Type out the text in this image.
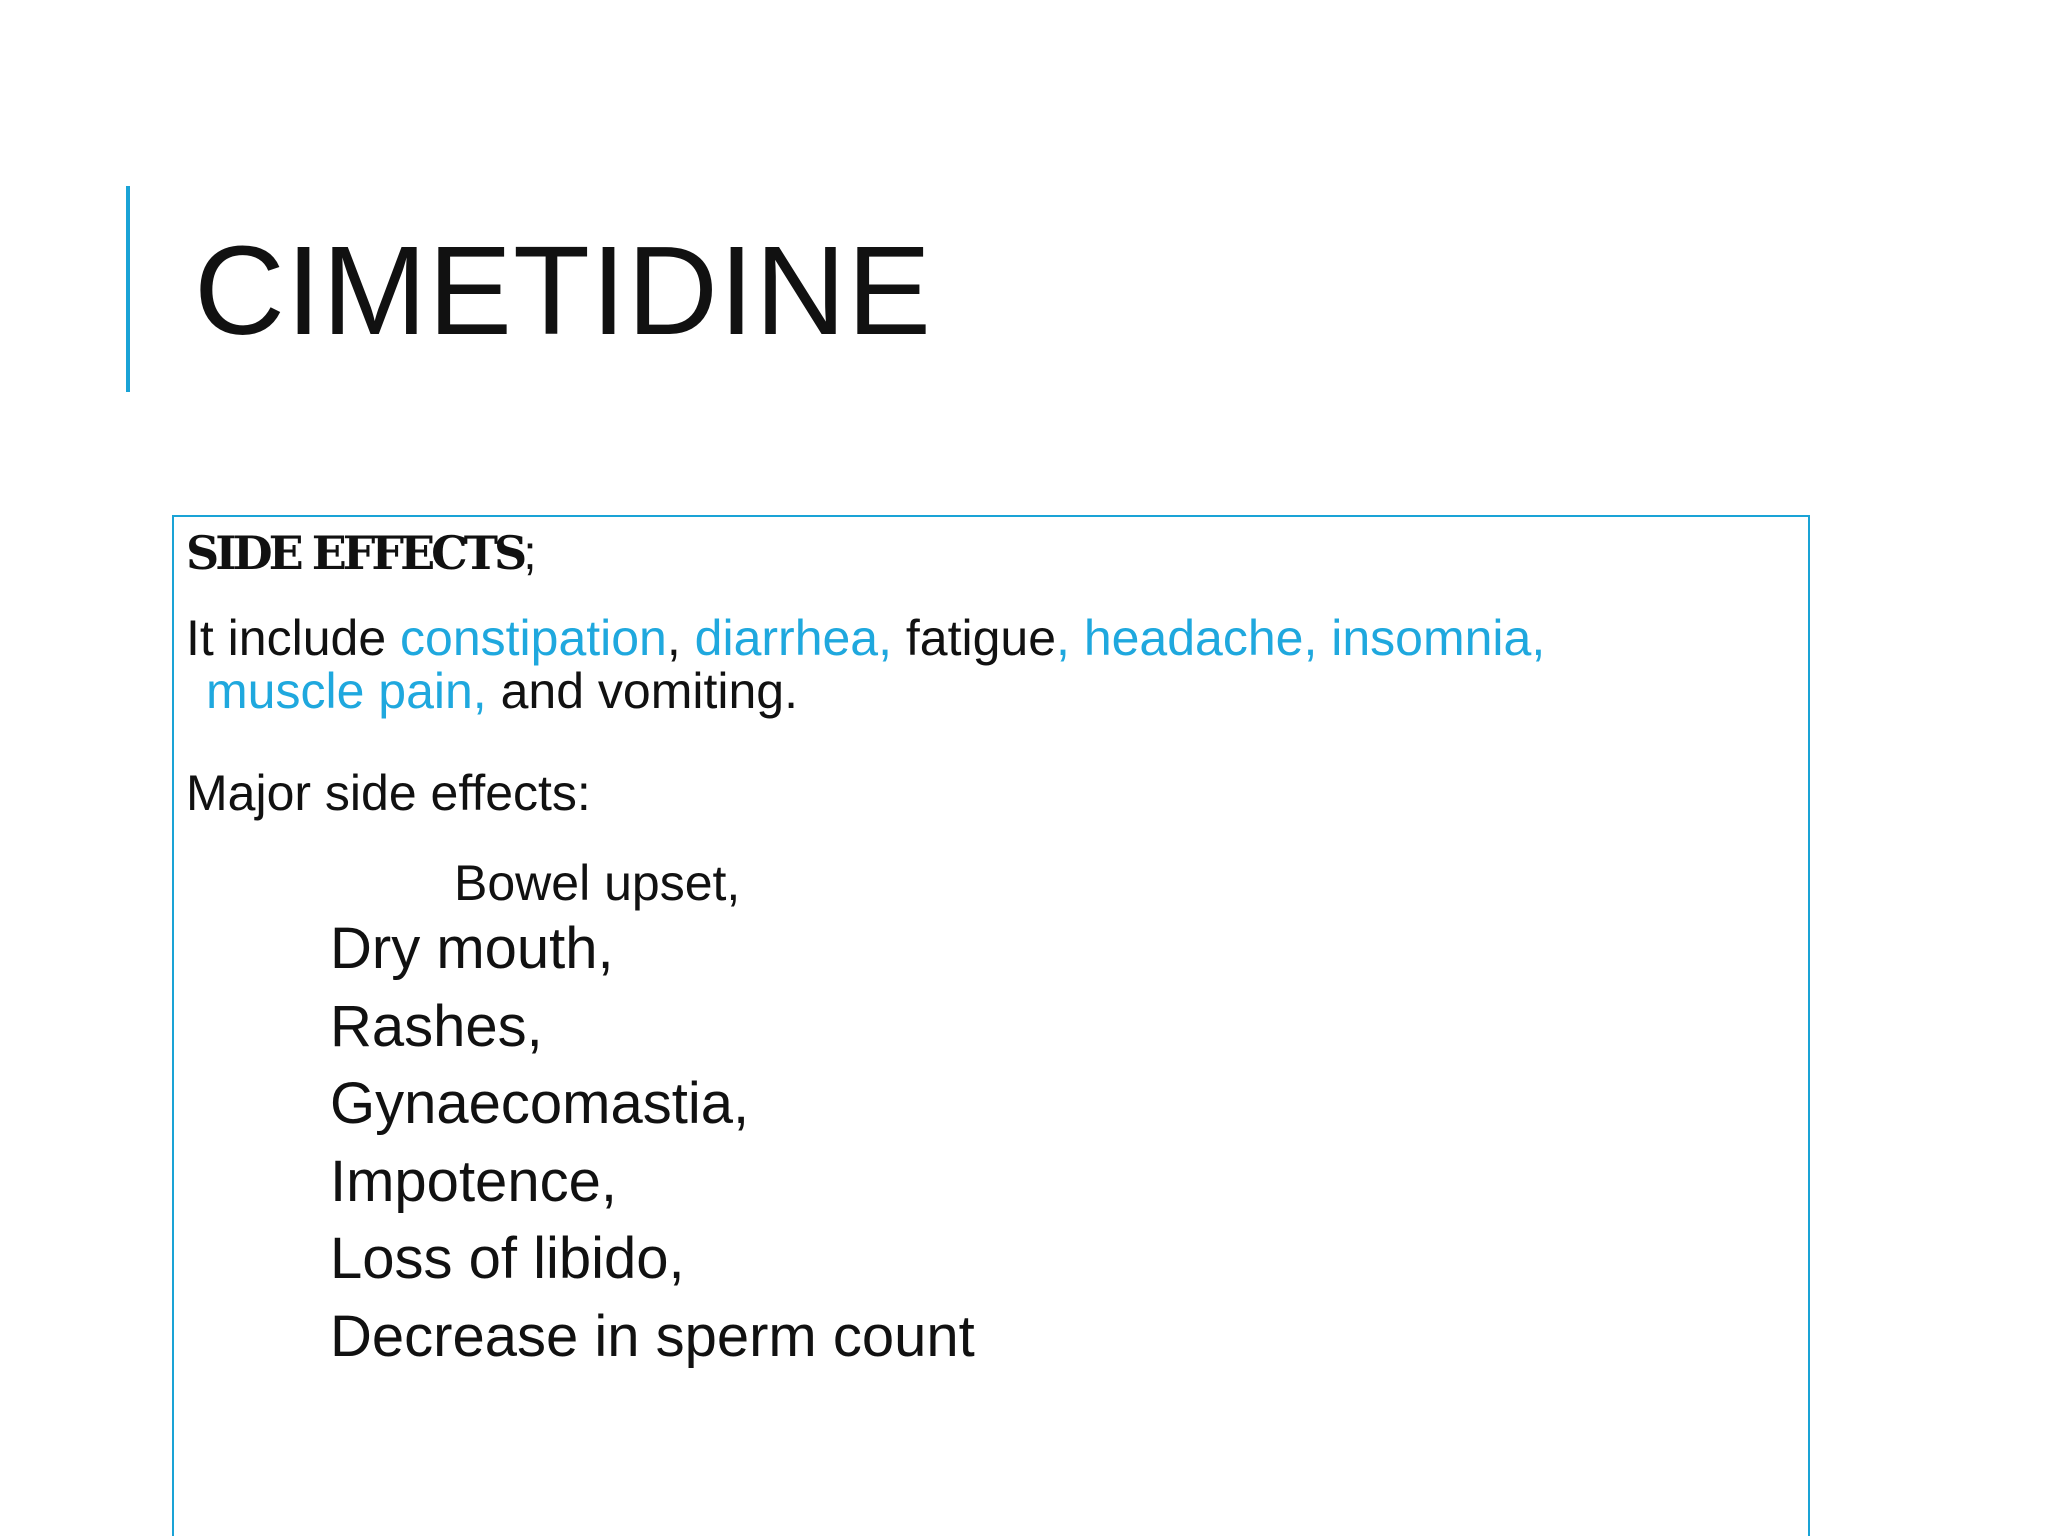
CIMETIDINE
SIDE EFFECTS;

It include constipation, diarrhea, fatigue, headache, insomnia,
muscle pain, and vomiting.

Major side effects:

Bowel upset,
Dry mouth,
Rashes,
Gynaecomastia,
Impotence,
Loss of libido,
Decrease in sperm count
